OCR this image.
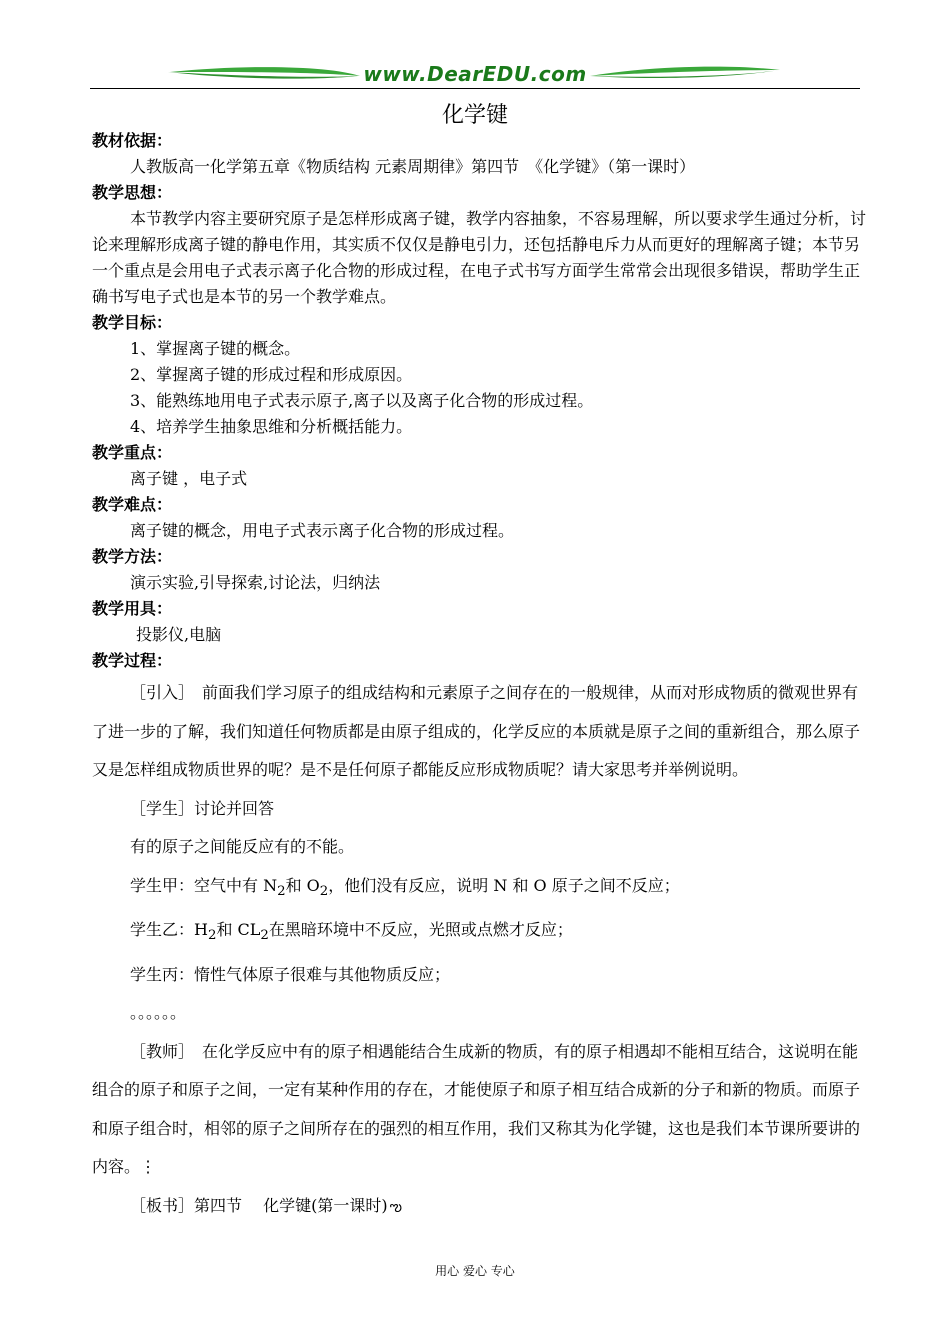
www.DearEDU.com
化学键
教材依据：
人教版高一化学第五章《物质结构 元素周期律》第四节　《化学键》（第一课时）
教学思想：
本节教学内容主要研究原子是怎样形成离子键，教学内容抽象，不容易理解，所以要求学生通过分析，讨论来理解形成离子键的静电作用，其实质不仅仅是静电引力，还包括静电斥力从而更好的理解离子键；本节另一个重点是会用电子式表示离子化合物的形成过程，在电子式书写方面学生常常会出现很多错误，帮助学生正确书写电子式也是本节的另一个教学难点。
教学目标：
1、掌握离子键的概念。
2、掌握离子键的形成过程和形成原因。
3、能熟练地用电子式表示原子,离子以及离子化合物的形成过程。
4、培养学生抽象思维和分析概括能力。
教学重点：
离子键 ，电子式
教学难点：
离子键的概念，用电子式表示离子化合物的形成过程。
教学方法：
演示实验,引导探索,讨论法，归纳法
教学用具：
投影仪,电脑
教学过程：
［引入］　前面我们学习原子的组成结构和元素原子之间存在的一般规律，从而对形成物质的微观世界有了进一步的了解，我们知道任何物质都是由原子组成的，化学反应的本质就是原子之间的重新组合，那么原子又是怎样组成物质世界的呢？是不是任何原子都能反应形成物质呢？请大家思考并举例说明。
［学生］讨论并回答
有的原子之间能反应有的不能。
学生甲：空气中有 $N_2$和 $O_2$，他们没有反应，说明 N 和 O 原子之间不反应；
学生乙：$H_2$和 $CL_2$在黑暗环境中不反应，光照或点燃才反应；
学生丙：惰性气体原子很难与其他物质反应；
。。。。。。
［教师］　在化学反应中有的原子相遇能结合生成新的物质，有的原子相遇却不能相互结合，这说明在能组合的原子和原子之间，一定有某种作用的存在，才能使原子和原子相互结合成新的分子和新的物质。而原子和原子组合时，相邻的原子之间所存在的强烈的相互作用，我们又称其为化学键，这也是我们本节课所要讲的内容。⋮
［板书］第四节　 化学键(第一课时) ఌ
用心 爱心 专心
